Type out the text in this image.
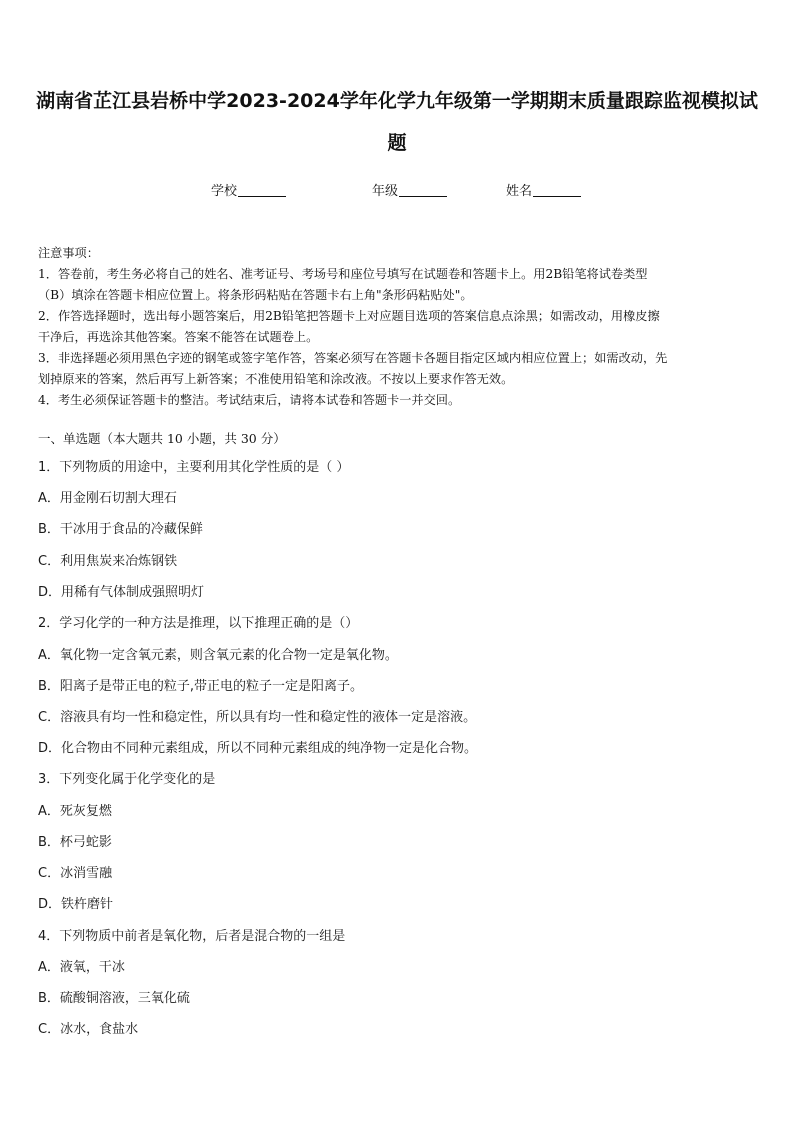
湖南省芷江县岩桥中学2023-2024学年化学九年级第一学期期末质量跟踪监视模拟试
题
学校	年级	姓名
注意事项：
1．答卷前，考生务必将自己的姓名、准考证号、考场号和座位号填写在试题卷和答题卡上。用2B铅笔将试卷类型
（B）填涂在答题卡相应位置上。将条形码粘贴在答题卡右上角"条形码粘贴处"。
2．作答选择题时，选出每小题答案后，用2B铅笔把答题卡上对应题目选项的答案信息点涂黑；如需改动，用橡皮擦
干净后，再选涂其他答案。答案不能答在试题卷上。
3．非选择题必须用黑色字迹的钢笔或签字笔作答，答案必须写在答题卡各题目指定区域内相应位置上；如需改动，先
划掉原来的答案，然后再写上新答案；不准使用铅笔和涂改液。不按以上要求作答无效。
4．考生必须保证答题卡的整洁。考试结束后，请将本试卷和答题卡一并交回。
一、单选题（本大题共 10 小题，共 30 分）
1．下列物质的用途中，主要利用其化学性质的是（ ）
A．用金刚石切割大理石
B．干冰用于食品的冷藏保鲜
C．利用焦炭来冶炼钢铁
D．用稀有气体制成强照明灯
2．学习化学的一种方法是推理，以下推理正确的是（）
A．氧化物一定含氧元素，则含氧元素的化合物一定是氧化物。
B．阳离子是带正电的粒子,带正电的粒子一定是阳离子。
C．溶液具有均一性和稳定性，所以具有均一性和稳定性的液体一定是溶液。
D．化合物由不同种元素组成，所以不同种元素组成的纯净物一定是化合物。
3．下列变化属于化学变化的是
A．死灰复燃
B．杯弓蛇影
C．冰消雪融
D．铁杵磨针
4．下列物质中前者是氧化物，后者是混合物的一组是
A．液氧，干冰
B．硫酸铜溶液，三氧化硫
C．冰水，食盐水
